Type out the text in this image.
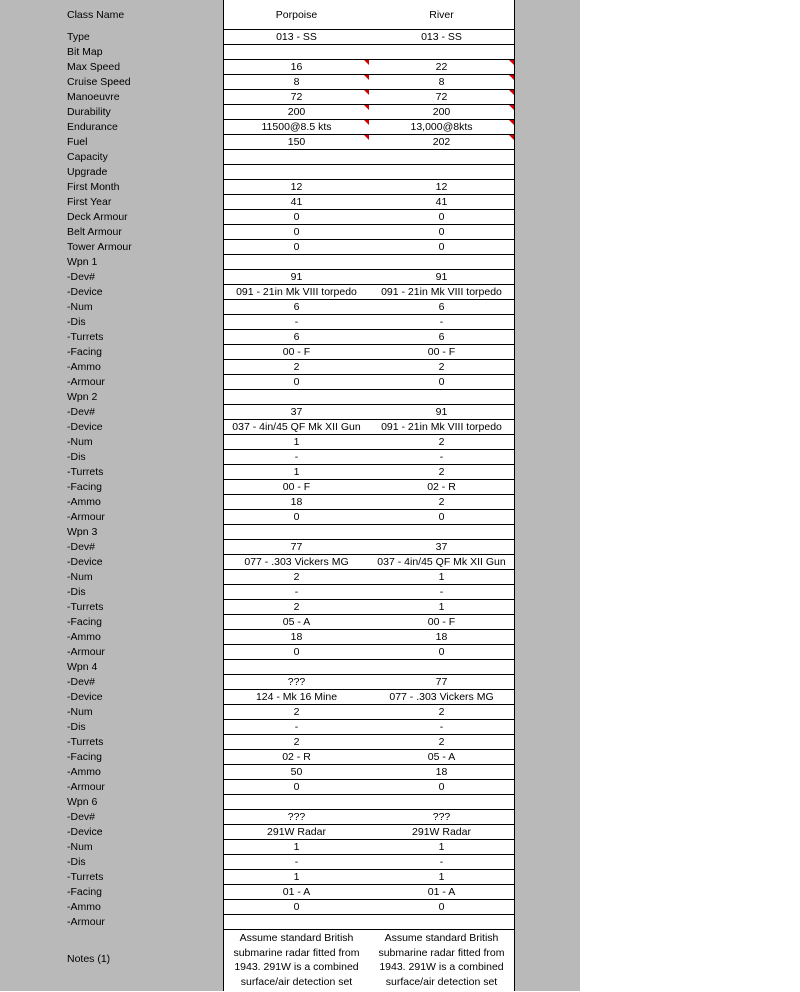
Class Name
Type
Bit Map
Max Speed
Cruise Speed
Manoeuvre
Durability
Endurance
Fuel
Capacity
Upgrade
First Month
First Year
Deck Armour
Belt Armour
Tower Armour
Wpn 1
-Dev#
-Device
-Num
-Dis
-Turrets
-Facing
-Ammo
-Armour
Wpn 2
-Dev#
-Device
-Num
-Dis
-Turrets
-Facing
-Ammo
-Armour
Wpn 3
-Dev#
-Device
-Num
-Dis
-Turrets
-Facing
-Ammo
-Armour
Wpn 4
-Dev#
-Device
-Num
-Dis
-Turrets
-Facing
-Ammo
-Armour
Wpn 6
-Dev#
-Device
-Num
-Dis
-Turrets
-Facing
-Ammo
-Armour
Notes (1)
Porpoise
013 - SS
16
8
72
200
11500@8.5 kts
150
12
41
0
0
0
91
091 - 21in Mk VIII torpedo
6
-
6
00 - F
2
0
37
037 - 4in/45 QF Mk XII Gun
1
-
1
00 - F
18
0
77
077 - .303 Vickers MG
2
-
2
05 - A
18
0
???
124 - Mk 16 Mine
2
-
2
02 - R
50
0
???
291W Radar
1
-
1
01 - A
0
Assume standard British submarine radar fitted from 1943. 291W is a combined surface/air detection set
River
013 - SS
22
8
72
200
13,000@8kts
202
12
41
0
0
0
91
091 - 21in Mk VIII torpedo
6
-
6
00 - F
2
0
91
091 - 21in Mk VIII torpedo
2
-
2
02 - R
2
0
37
037 - 4in/45 QF Mk XII Gun
1
-
1
00 - F
18
0
77
077 - .303 Vickers MG
2
-
2
05 - A
18
0
???
291W Radar
1
-
1
01 - A
0
Assume standard British submarine radar fitted from 1943. 291W is a combined surface/air detection set
